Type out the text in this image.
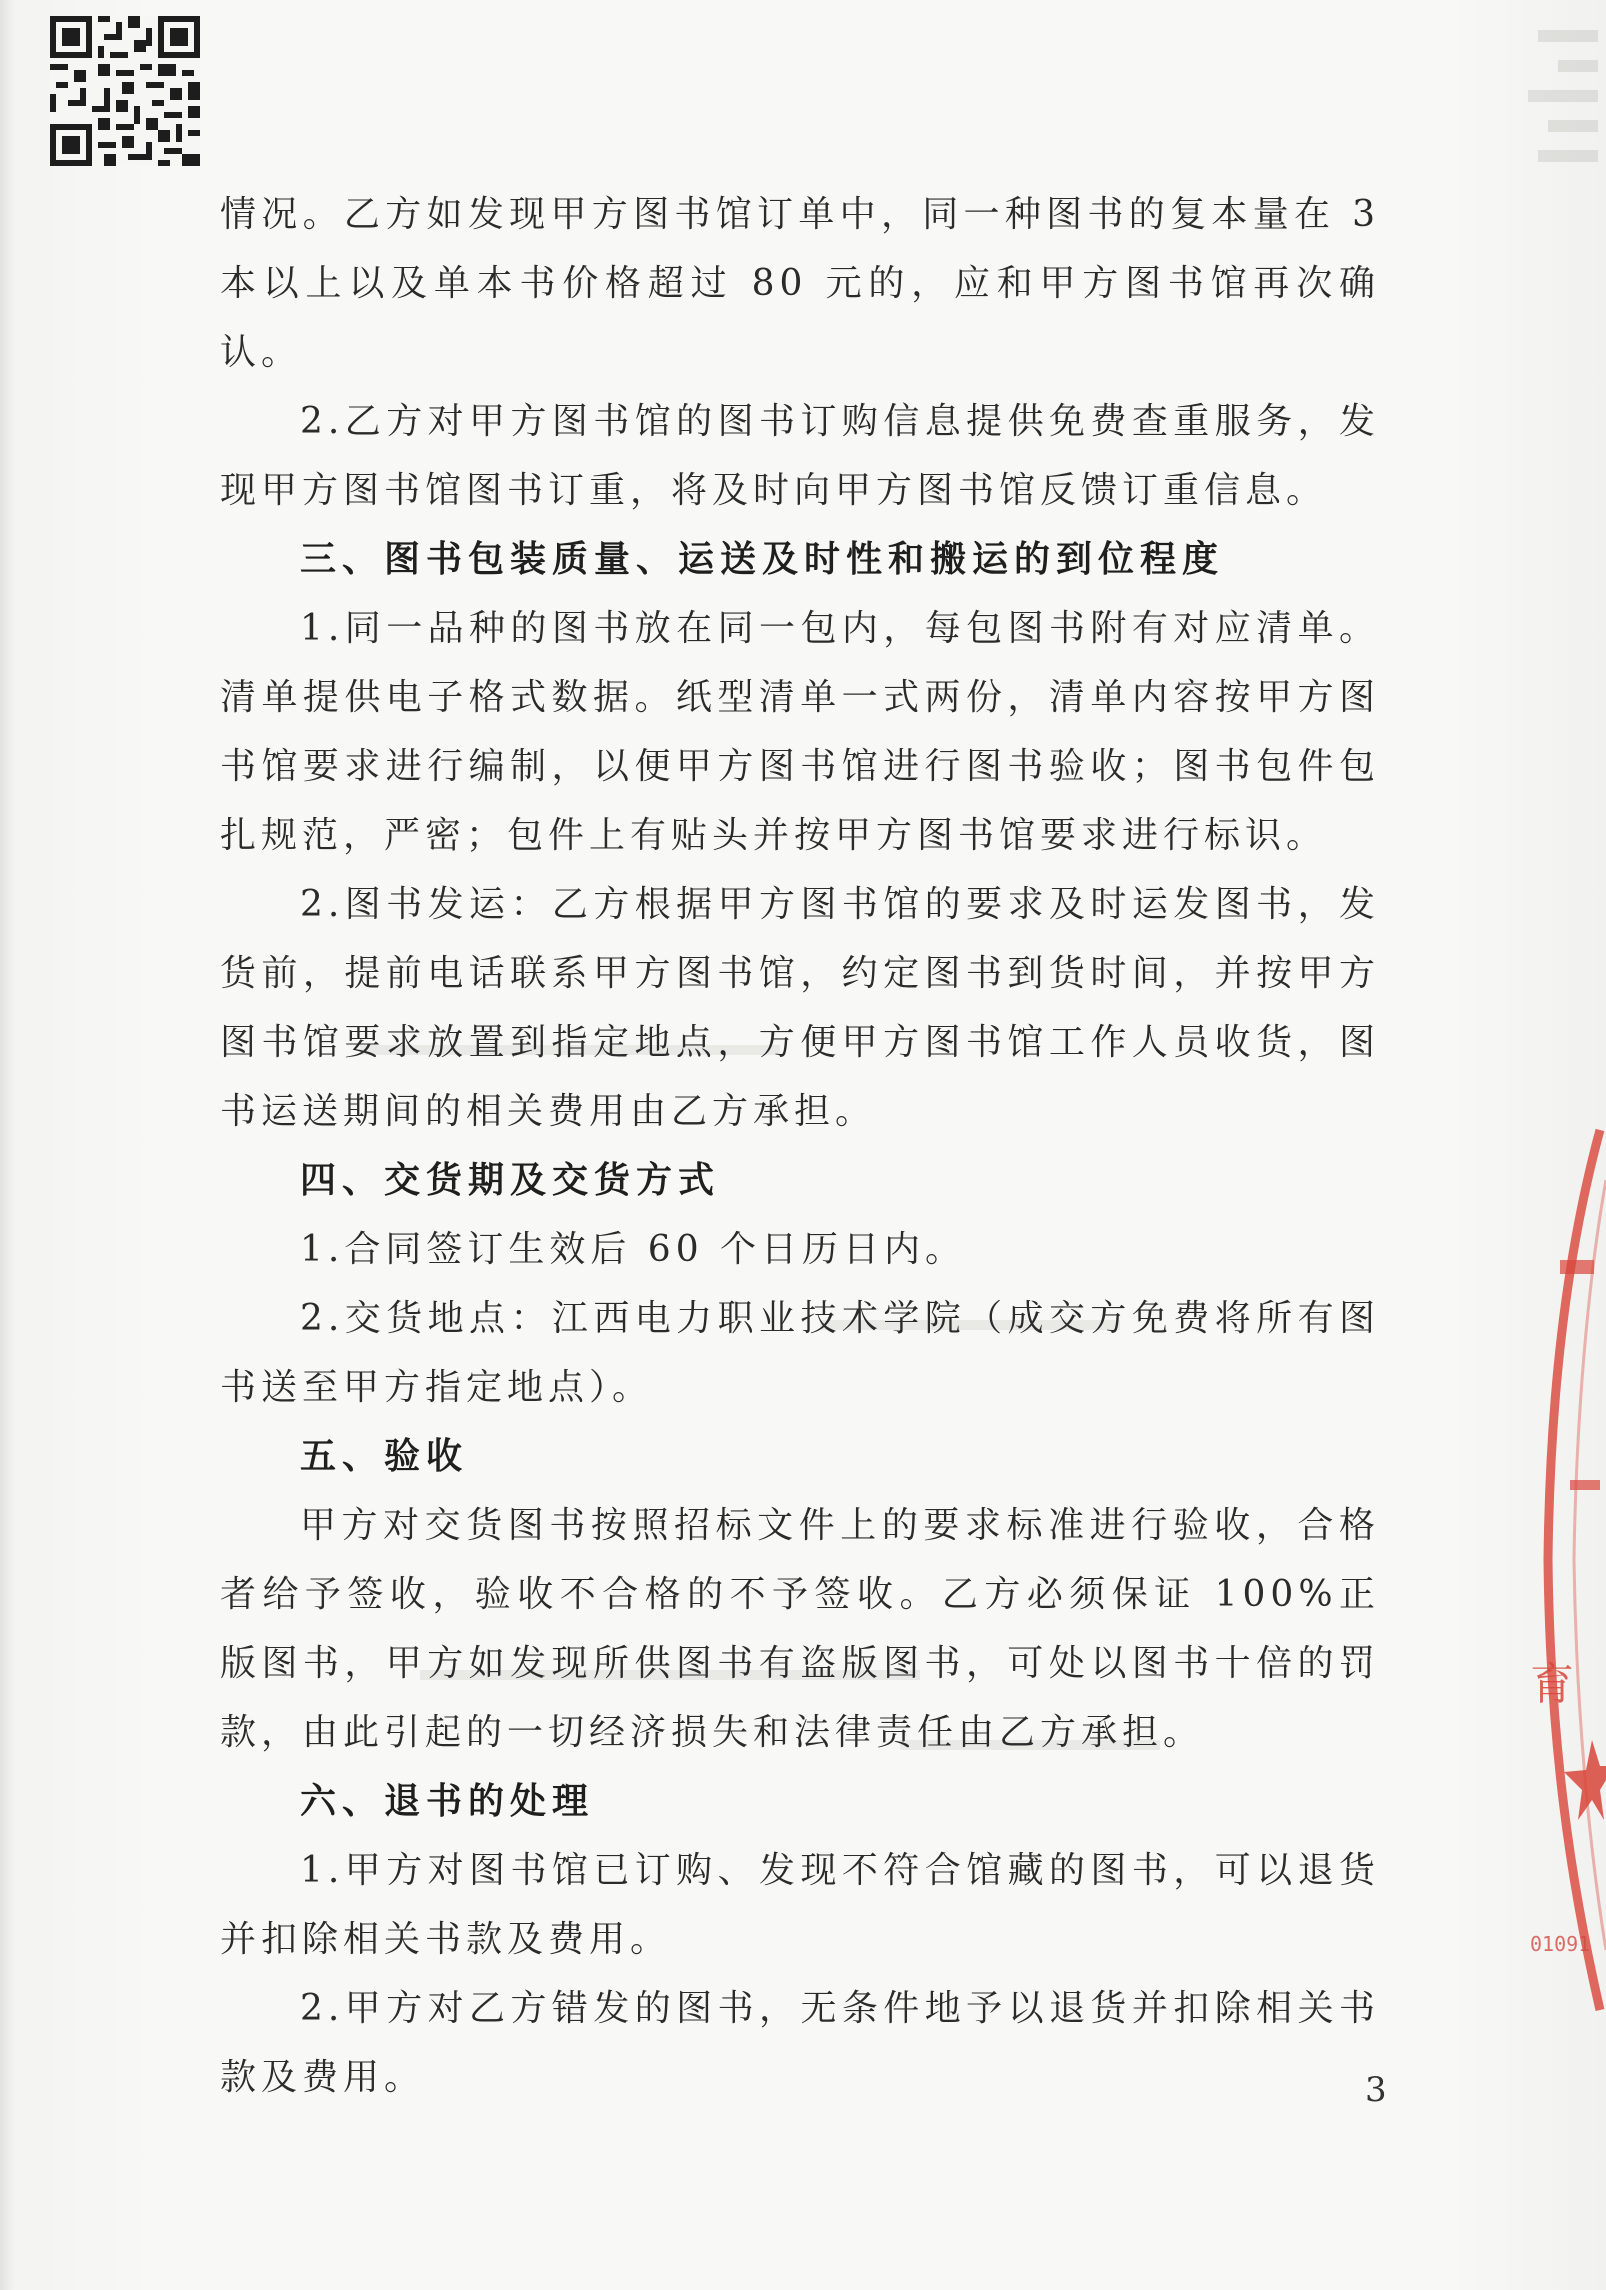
情况。乙方如发现甲方图书馆订单中，同一种图书的复本量在 3 本以上以及单本书价格超过 80 元的，应和甲方图书馆再次确认。

2.乙方对甲方图书馆的图书订购信息提供免费查重服务，发现甲方图书馆图书订重，将及时向甲方图书馆反馈订重信息。

三、图书包装质量、运送及时性和搬运的到位程度

1.同一品种的图书放在同一包内，每包图书附有对应清单。清单提供电子格式数据。纸型清单一式两份，清单内容按甲方图书馆要求进行编制，以便甲方图书馆进行图书验收；图书包件包扎规范，严密；包件上有贴头并按甲方图书馆要求进行标识。

2.图书发运：乙方根据甲方图书馆的要求及时运发图书，发货前，提前电话联系甲方图书馆，约定图书到货时间，并按甲方图书馆要求放置到指定地点，方便甲方图书馆工作人员收货，图书运送期间的相关费用由乙方承担。

四、交货期及交货方式

1.合同签订生效后 60 个日历日内。

2.交货地点：江西电力职业技术学院（成交方免费将所有图书送至甲方指定地点）。

五、验收

甲方对交货图书按照招标文件上的要求标准进行验收，合格者给予签收，验收不合格的不予签收。乙方必须保证 100%正版图书，甲方如发现所供图书有盗版图书，可处以图书十倍的罚款，由此引起的一切经济损失和法律责任由乙方承担。

六、退书的处理

1.甲方对图书馆已订购、发现不符合馆藏的图书，可以退货并扣除相关书款及费用。

2.甲方对乙方错发的图书，无条件地予以退货并扣除相关书款及费用。

育
01091
3
